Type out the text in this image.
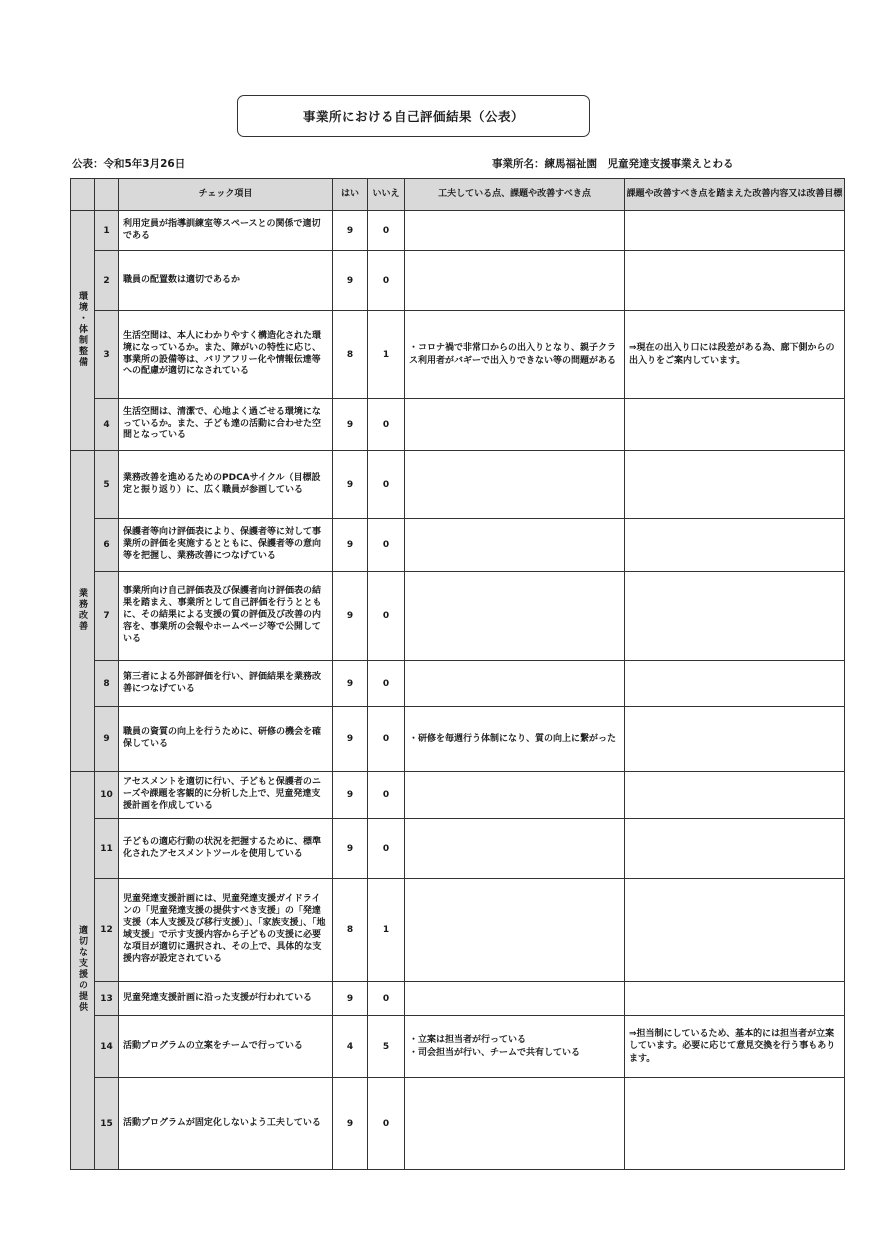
事業所における自己評価結果（公表）
公表：令和5年3月26日	事業所名：練馬福祉園　児童発達支援事業えとわる
		チェック項目	はい	いいえ	工夫している点、課題や改善すべき点	課題や改善すべき点を踏まえた改善内容又は改善目標
環境・体制整備	1	利用定員が指導訓練室等スペースとの関係で適切である	9	0		
	2	職員の配置数は適切であるか	9	0		
	3	生活空間は、本人にわかりやすく構造化された環境になっているか。また、障がいの特性に応じ、事業所の設備等は、バリアフリー化や情報伝達等への配慮が適切になされている	8	1	・コロナ禍で非常口からの出入りとなり、親子クラス利用者がバギーで出入りできない等の問題がある	⇒現在の出入り口には段差がある為、廊下側からの出入りをご案内しています。
	4	生活空間は、清潔で、心地よく過ごせる環境になっているか。また、子ども達の活動に合わせた空間となっている	9	0		
業務改善	5	業務改善を進めるためのPDCAサイクル（目標設定と振り返り）に、広く職員が参画している	9	0		
	6	保護者等向け評価表により、保護者等に対して事業所の評価を実施するとともに、保護者等の意向等を把握し、業務改善につなげている	9	0		
	7	事業所向け自己評価表及び保護者向け評価表の結果を踏まえ、事業所として自己評価を行うとともに、その結果による支援の質の評価及び改善の内容を、事業所の会報やホームページ等で公開している	9	0		
	8	第三者による外部評価を行い、評価結果を業務改善につなげている	9	0		
	9	職員の資質の向上を行うために、研修の機会を確保している	9	0	・研修を毎週行う体制になり、質の向上に繋がった	
適切な支援の提供	10	アセスメントを適切に行い、子どもと保護者のニーズや課題を客観的に分析した上で、児童発達支援計画を作成している	9	0		
	11	子どもの適応行動の状況を把握するために、標準化されたアセスメントツールを使用している	9	0		
	12	児童発達支援計画には、児童発達支援ガイドラインの「児童発達支援の提供すべき支援」の「発達支援（本人支援及び移行支援）」、「家族支援」、「地域支援」で示す支援内容から子どもの支援に必要な項目が適切に選択され、その上で、具体的な支援内容が設定されている	8	1		
	13	児童発達支援計画に沿った支援が行われている	9	0		
	14	活動プログラムの立案をチームで行っている	4	5	・立案は担当者が行っている
・司会担当が行い、チームで共有している	⇒担当制にしているため、基本的には担当者が立案しています。必要に応じて意見交換を行う事もあります。
	15	活動プログラムが固定化しないよう工夫している	9	0		
